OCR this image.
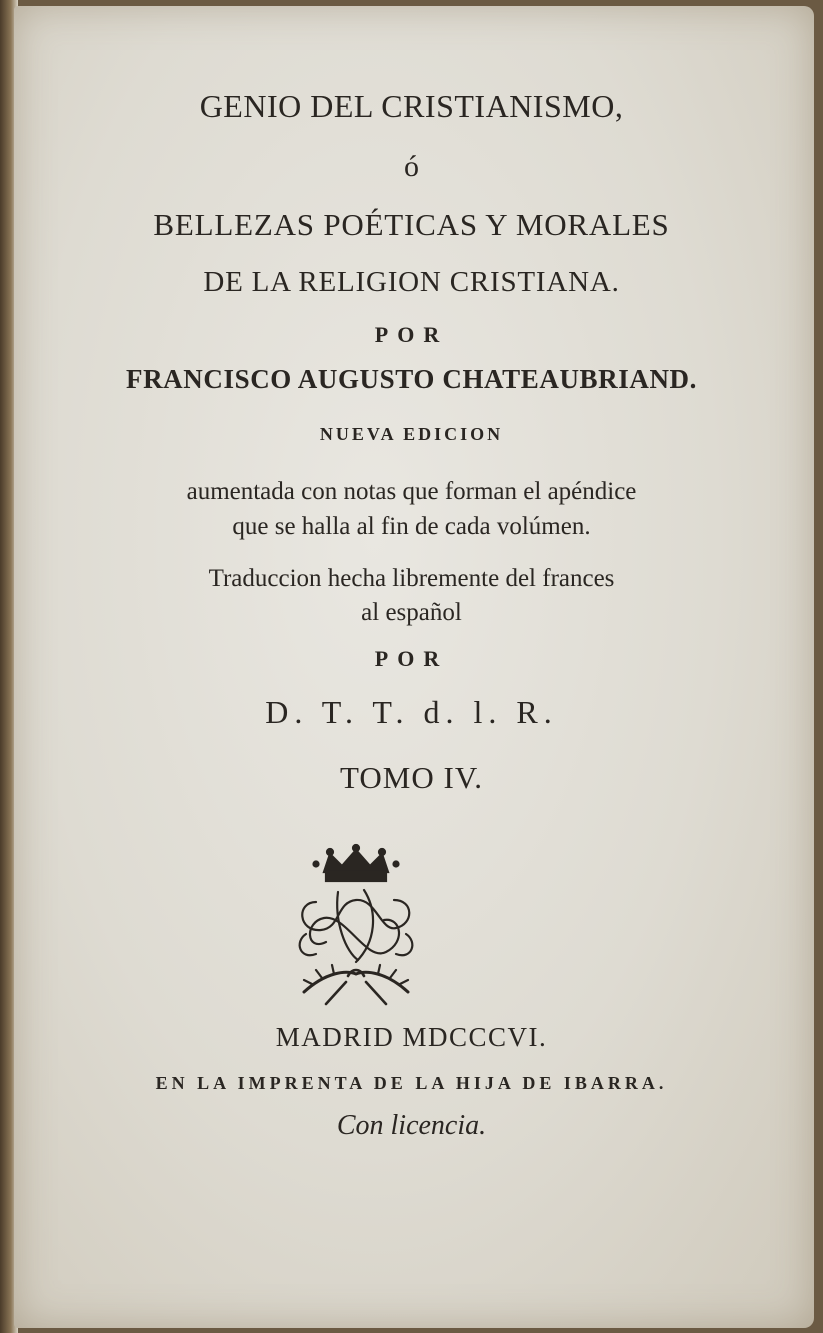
GENIO DEL CRISTIANISMO,
ó
BELLEZAS POÉTICAS Y MORALES
DE LA RELIGION CRISTIANA.
POR
FRANCISCO AUGUSTO CHATEAUBRIAND.
NUEVA EDICION
aumentada con notas que forman el apéndice
que se halla al fin de cada volúmen.
Traduccion hecha libremente del frances
al español
POR
D. T. T. d. l. R.
TOMO IV.
MADRID MDCCCVI.
EN LA IMPRENTA DE LA HIJA DE IBARRA.
Con licencia.
